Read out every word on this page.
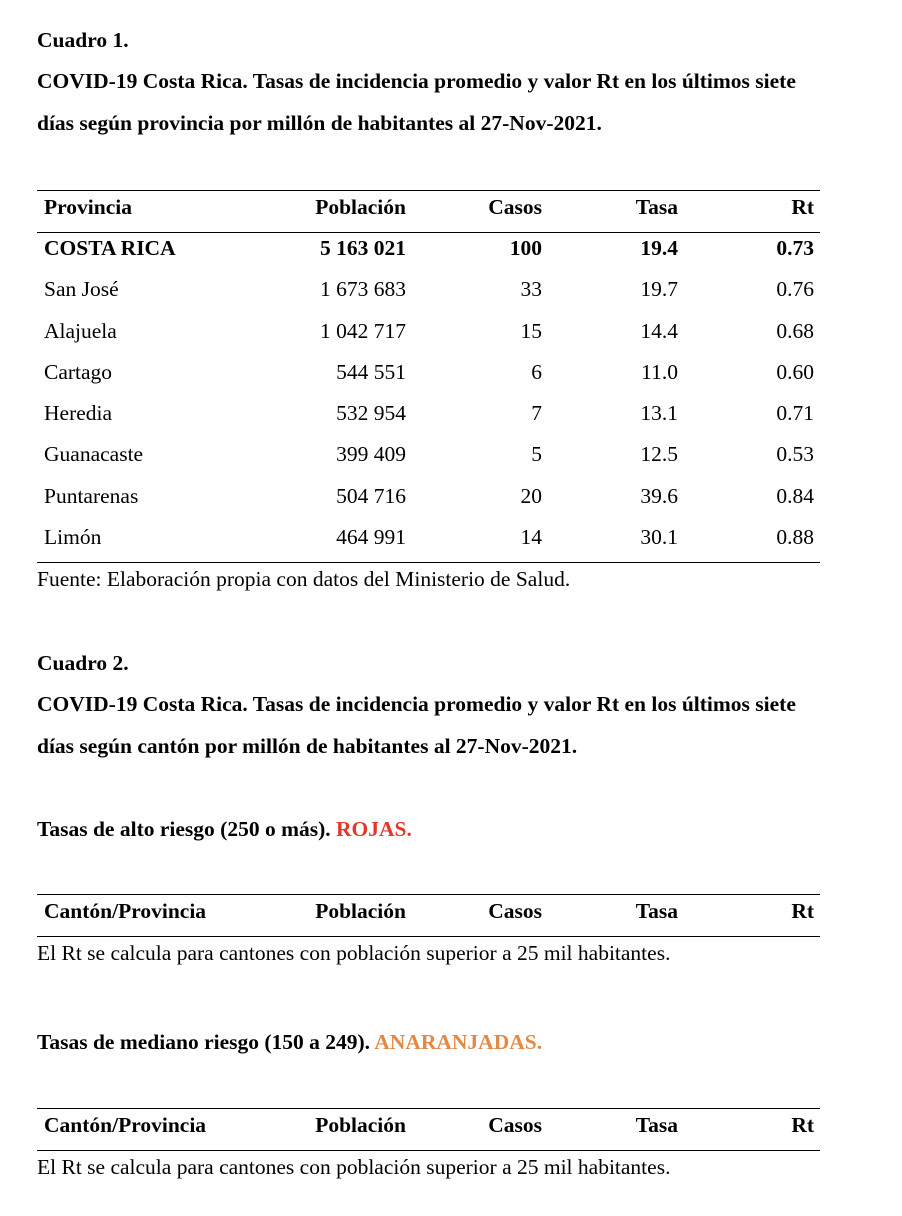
Cuadro 1.
COVID-19 Costa Rica. Tasas de incidencia promedio y valor Rt en los últimos siete
días según provincia por millón de habitantes al 27-Nov-2021.
Provincia	Población	Casos	Tasa	Rt
COSTA RICA	5 163 021	100	19.4	0.73
San José	1 673 683	33	19.7	0.76
Alajuela	1 042 717	15	14.4	0.68
Cartago	544 551	6	11.0	0.60
Heredia	532 954	7	13.1	0.71
Guanacaste	399 409	5	12.5	0.53
Puntarenas	504 716	20	39.6	0.84
Limón	464 991	14	30.1	0.88
Fuente: Elaboración propia con datos del Ministerio de Salud.
Cuadro 2.
COVID-19 Costa Rica. Tasas de incidencia promedio y valor Rt en los últimos siete
días según cantón por millón de habitantes al 27-Nov-2021.
Tasas de alto riesgo (250 o más). ROJAS.
Cantón/Provincia	Población	Casos	Tasa	Rt
El Rt se calcula para cantones con población superior a 25 mil habitantes.
Tasas de mediano riesgo (150 a 249). ANARANJADAS.
Cantón/Provincia	Población	Casos	Tasa	Rt
El Rt se calcula para cantones con población superior a 25 mil habitantes.
